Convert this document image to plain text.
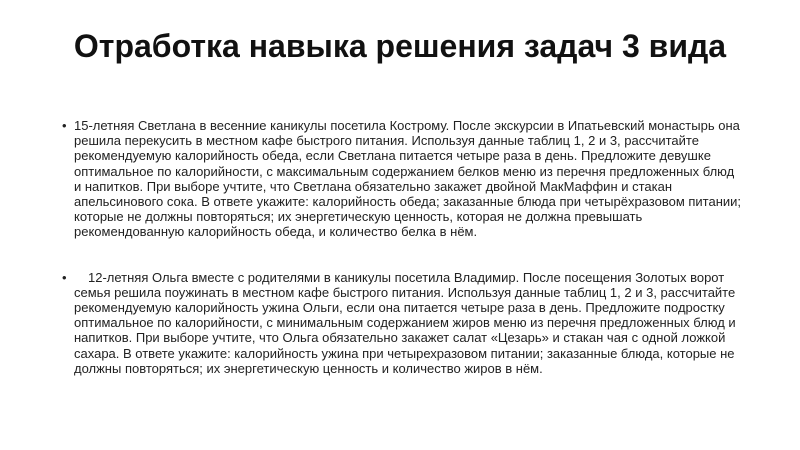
Отработка навыка решения задач 3 вида

• 15-летняя Светлана в весенние каникулы посетила Кострому. После экскурсии в Ипатьевский монастырь она решила перекусить в местном кафе быстрого питания. Используя данные таблиц 1, 2 и 3, рассчитайте рекомендуемую калорийность обеда, если Светлана питается четыре раза в день. Предложите девушке оптимальное по калорийности, с максимальным содержанием белков меню из перечня предложенных блюд и напитков. При выборе учтите, что Светлана обязательно закажет двойной МакМаффин и стакан апельсинового сока. В ответе укажите: калорийность обеда; заказанные блюда при четырёхразовом питании; которые не должны повторяться; их энергетическую ценность, которая не должна превышать рекомендованную калорийность обеда, и количество белка в нём.

• 12-летняя Ольга вместе с родителями в каникулы посетила Владимир. После посещения Золотых ворот семья решила поужинать в местном кафе быстрого питания. Используя данные таблиц 1, 2 и 3, рассчитайте рекомендуемую калорийность ужина Ольги, если она питается четыре раза в день. Предложите подростку оптимальное по калорийности, с минимальным содержанием жиров меню из перечня предложенных блюд и напитков. При выборе учтите, что Ольга обязательно закажет салат «Цезарь» и стакан чая с одной ложкой сахара. В ответе укажите: калорийность ужина при четырехразовом питании; заказанные блюда, которые не должны повторяться; их энергетическую ценность и количество жиров в нём.
